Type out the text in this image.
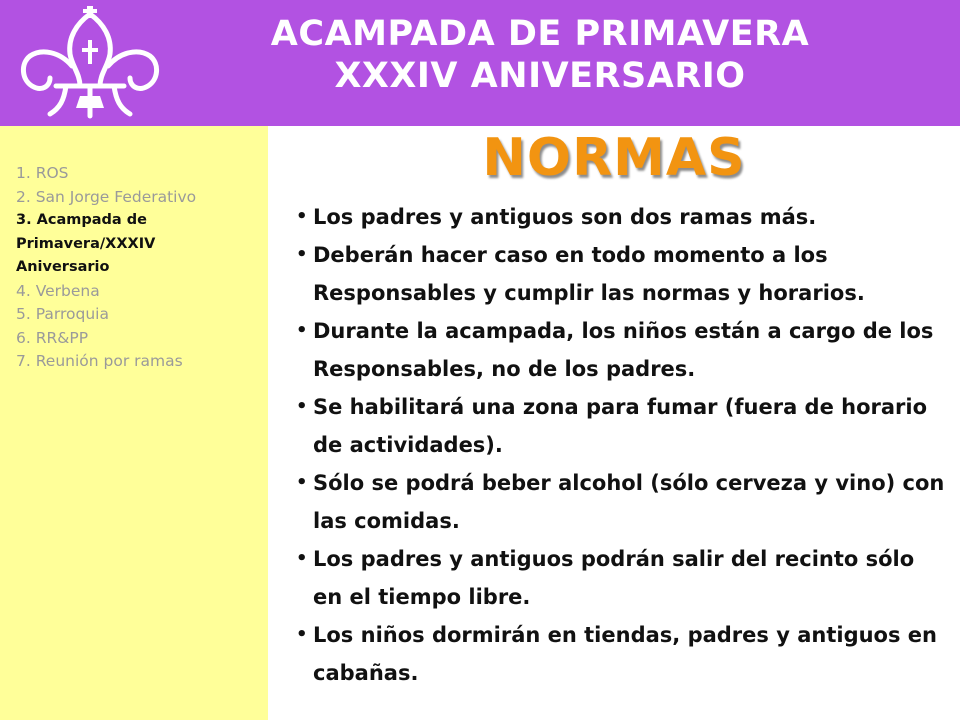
ACAMPADA DE PRIMAVERA
XXXIV ANIVERSARIO
1. ROS
2. San Jorge Federativo
3. Acampada de
Primavera/XXXIV
Aniversario
4. Verbena
5. Parroquia
6. RR&PP
7. Reunión por ramas
NORMAS
• Los padres y antiguos son dos ramas más.
• Deberán hacer caso en todo momento a los Responsables y cumplir las normas y horarios.
• Durante la acampada, los niños están a cargo de los Responsables, no de los padres.
• Se habilitará una zona para fumar (fuera de horario de actividades).
• Sólo se podrá beber alcohol (sólo cerveza y vino) con las comidas.
• Los padres y antiguos podrán salir del recinto sólo en el tiempo libre.
• Los niños dormirán en tiendas, padres y antiguos en cabañas.
